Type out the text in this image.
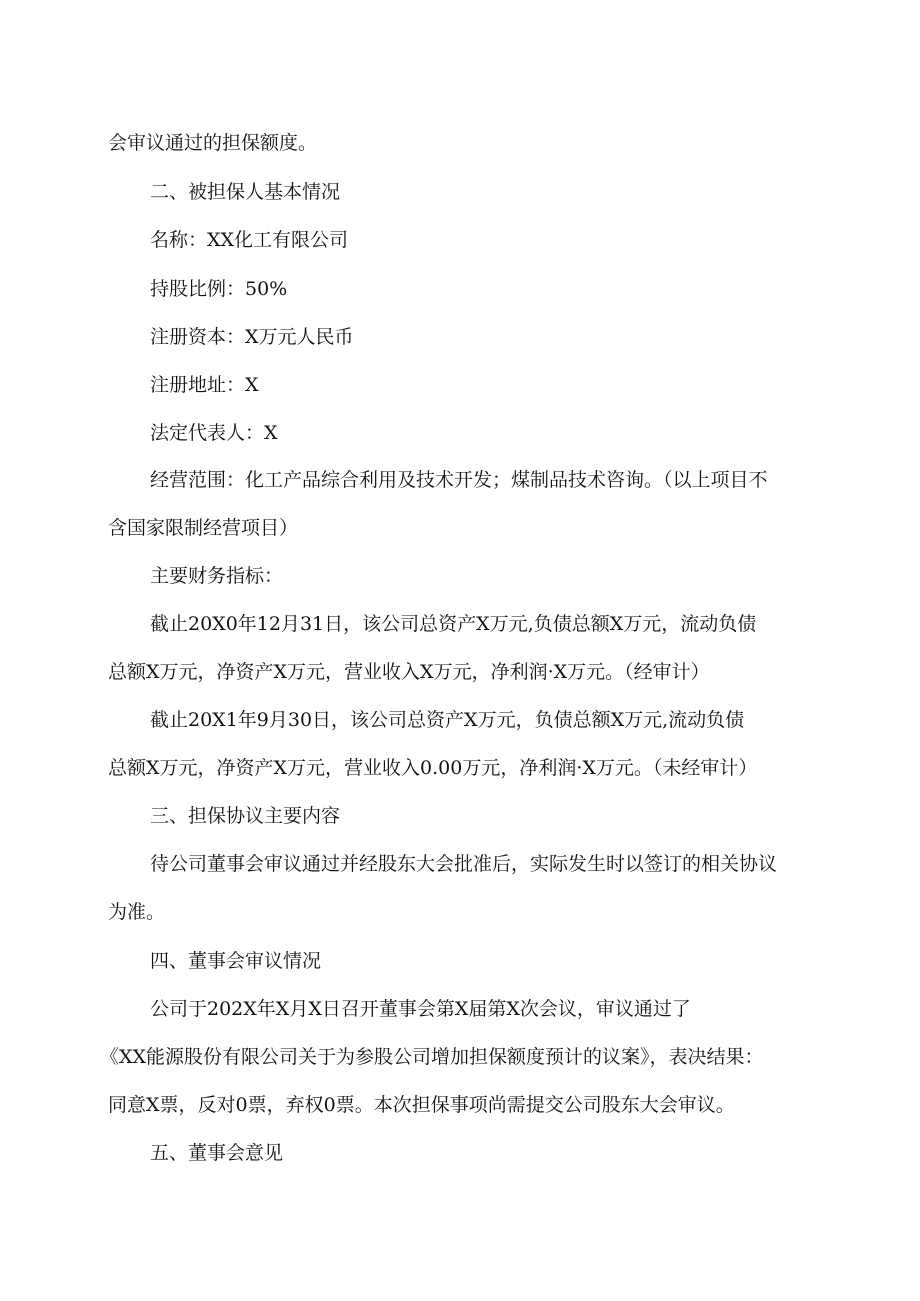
会审议通过的担保额度。
二、被担保人基本情况
名称：XX化工有限公司
持股比例：50%
注册资本：X万元人民币
注册地址：X
法定代表人：X
经营范围：化工产品综合利用及技术开发；煤制品技术咨询。（以上项目不
含国家限制经营项目）
主要财务指标：
截止20X0年12月31日，该公司总资产X万元,负债总额X万元，流动负债
总额X万元，净资产X万元，营业收入X万元，净利润·X万元。（经审计）
截止20X1年9月30日，该公司总资产X万元，负债总额X万元,流动负债
总额X万元，净资产X万元，营业收入0.00万元，净利润·X万元。（未经审计）
三、担保协议主要内容
待公司董事会审议通过并经股东大会批准后，实际发生时以签订的相关协议
为准。
四、董事会审议情况
公司于202X年X月X日召开董事会第X届第X次会议，审议通过了
《XX能源股份有限公司关于为参股公司增加担保额度预计的议案》，表决结果：
同意X票，反对0票，弃权0票。本次担保事项尚需提交公司股东大会审议。
五、董事会意见
